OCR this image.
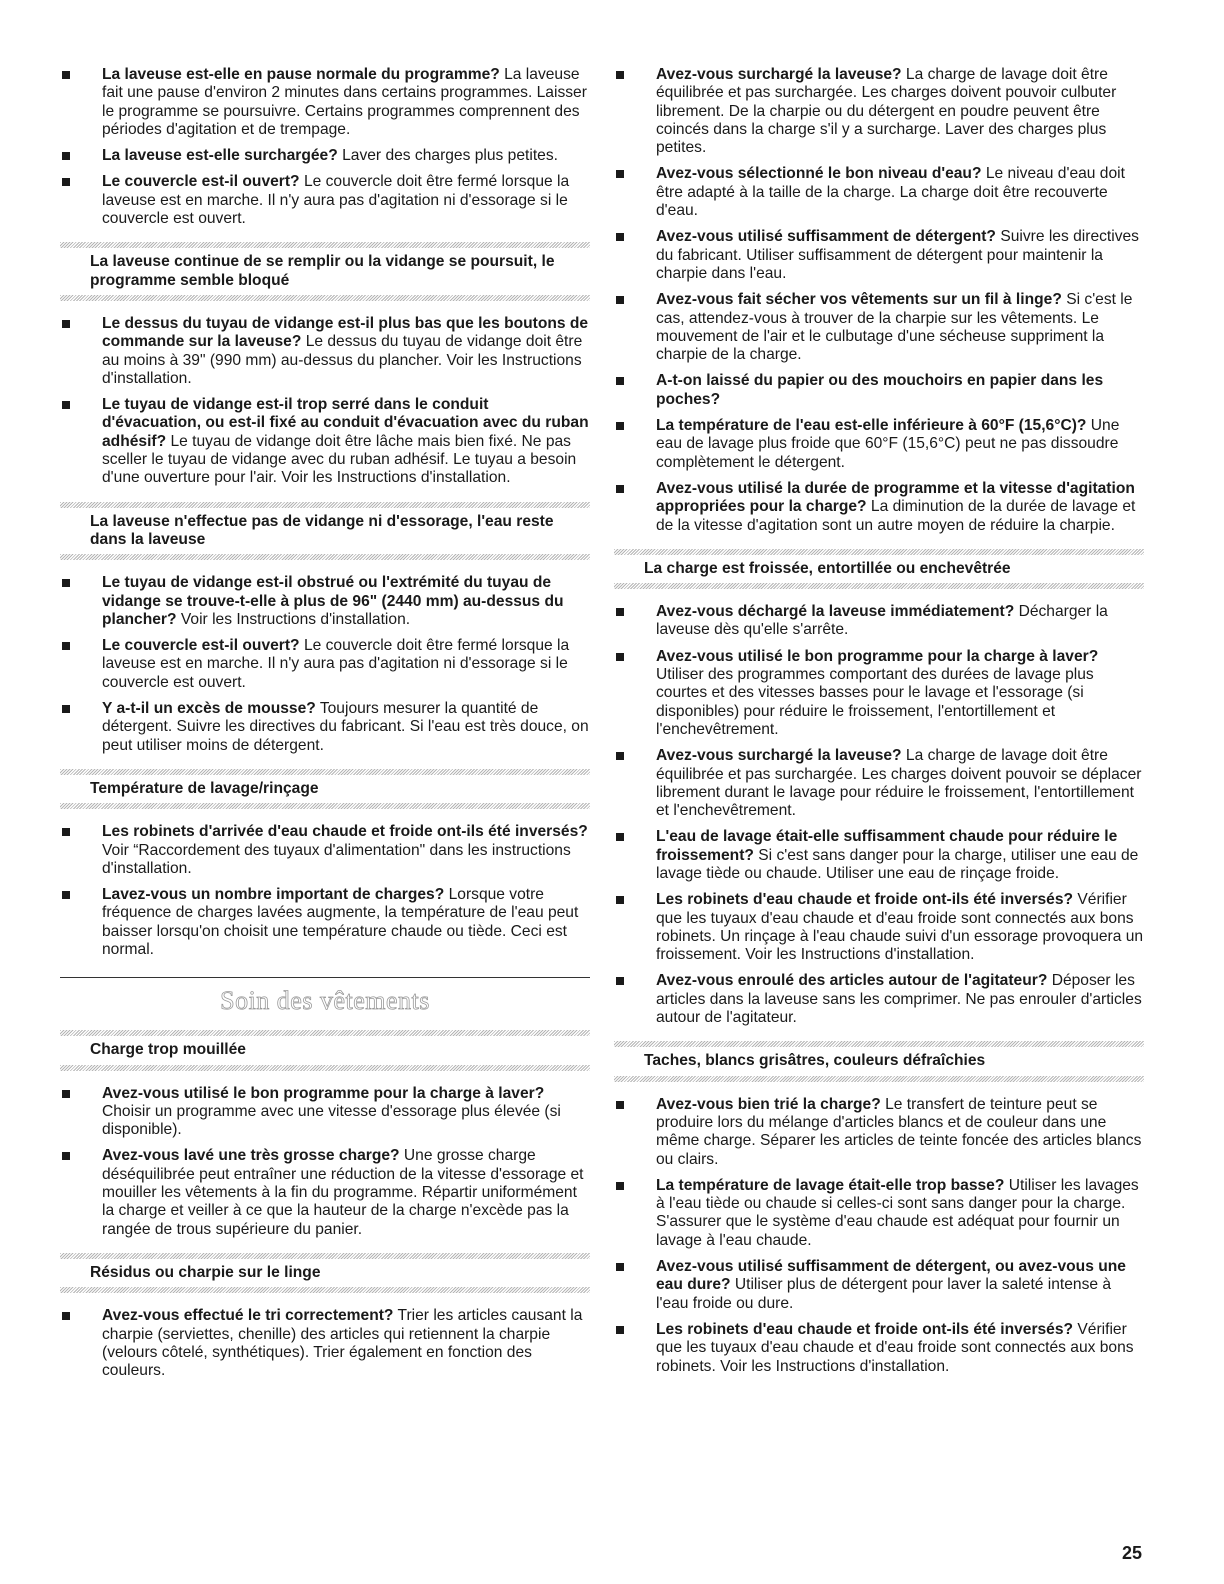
La laveuse est-elle en pause normale du programme? La laveuse fait une pause d'environ 2 minutes dans certains programmes. Laisser le programme se poursuivre. Certains programmes comprennent des périodes d'agitation et de trempage.
La laveuse est-elle surchargée? Laver des charges plus petites.
Le couvercle est-il ouvert? Le couvercle doit être fermé lorsque la laveuse est en marche. Il n'y aura pas d'agitation ni d'essorage si le couvercle est ouvert.
La laveuse continue de se remplir ou la vidange se poursuit, le programme semble bloqué
Le dessus du tuyau de vidange est-il plus bas que les boutons de commande sur la laveuse? Le dessus du tuyau de vidange doit être au moins à 39" (990 mm) au-dessus du plancher. Voir les Instructions d'installation.
Le tuyau de vidange est-il trop serré dans le conduit d'évacuation, ou est-il fixé au conduit d'évacuation avec du ruban adhésif? Le tuyau de vidange doit être lâche mais bien fixé. Ne pas sceller le tuyau de vidange avec du ruban adhésif. Le tuyau a besoin d'une ouverture pour l'air. Voir les Instructions d'installation.
La laveuse n'effectue pas de vidange ni d'essorage, l'eau reste dans la laveuse
Le tuyau de vidange est-il obstrué ou l'extrémité du tuyau de vidange se trouve-t-elle à plus de 96" (2440 mm) au-dessus du plancher? Voir les Instructions d'installation.
Le couvercle est-il ouvert? Le couvercle doit être fermé lorsque la laveuse est en marche. Il n'y aura pas d'agitation ni d'essorage si le couvercle est ouvert.
Y a-t-il un excès de mousse? Toujours mesurer la quantité de détergent. Suivre les directives du fabricant. Si l'eau est très douce, on peut utiliser moins de détergent.
Température de lavage/rinçage
Les robinets d'arrivée d'eau chaude et froide ont-ils été inversés? Voir “Raccordement des tuyaux d'alimentation" dans les instructions d'installation.
Lavez-vous un nombre important de charges? Lorsque votre fréquence de charges lavées augmente, la température de l'eau peut baisser lorsqu'on choisit une température chaude ou tiède. Ceci est normal.
Soin des vêtements
Charge trop mouillée
Avez-vous utilisé le bon programme pour la charge à laver? Choisir un programme avec une vitesse d'essorage plus élevée (si disponible).
Avez-vous lavé une très grosse charge? Une grosse charge déséquilibrée peut entraîner une réduction de la vitesse d'essorage et mouiller les vêtements à la fin du programme. Répartir uniformément la charge et veiller à ce que la hauteur de la charge n'excède pas la rangée de trous supérieure du panier.
Résidus ou charpie sur le linge
Avez-vous effectué le tri correctement? Trier les articles causant la charpie (serviettes, chenille) des articles qui retiennent la charpie (velours côtelé, synthétiques). Trier également en fonction des couleurs.
Avez-vous surchargé la laveuse? La charge de lavage doit être équilibrée et pas surchargée. Les charges doivent pouvoir culbuter librement. De la charpie ou du détergent en poudre peuvent être coincés dans la charge s'il y a surcharge. Laver des charges plus petites.
Avez-vous sélectionné le bon niveau d'eau? Le niveau d'eau doit être adapté à la taille de la charge. La charge doit être recouverte d'eau.
Avez-vous utilisé suffisamment de détergent? Suivre les directives du fabricant. Utiliser suffisamment de détergent pour maintenir la charpie dans l'eau.
Avez-vous fait sécher vos vêtements sur un fil à linge? Si c'est le cas, attendez-vous à trouver de la charpie sur les vêtements. Le mouvement de l'air et le culbutage d'une sécheuse suppriment la charpie de la charge.
A-t-on laissé du papier ou des mouchoirs en papier dans les poches?
La température de l'eau est-elle inférieure à 60°F (15,6°C)? Une eau de lavage plus froide que 60°F (15,6°C) peut ne pas dissoudre complètement le détergent.
Avez-vous utilisé la durée de programme et la vitesse d'agitation appropriées pour la charge? La diminution de la durée de lavage et de la vitesse d'agitation sont un autre moyen de réduire la charpie.
La charge est froissée, entortillée ou enchevêtrée
Avez-vous déchargé la laveuse immédiatement? Décharger la laveuse dès qu'elle s'arrête.
Avez-vous utilisé le bon programme pour la charge à laver? Utiliser des programmes comportant des durées de lavage plus courtes et des vitesses basses pour le lavage et l'essorage (si disponibles) pour réduire le froissement, l'entortillement et l'enchevêtrement.
Avez-vous surchargé la laveuse? La charge de lavage doit être équilibrée et pas surchargée. Les charges doivent pouvoir se déplacer librement durant le lavage pour réduire le froissement, l'entortillement et l'enchevêtrement.
L'eau de lavage était-elle suffisamment chaude pour réduire le froissement? Si c'est sans danger pour la charge, utiliser une eau de lavage tiède ou chaude. Utiliser une eau de rinçage froide.
Les robinets d'eau chaude et froide ont-ils été inversés? Vérifier que les tuyaux d'eau chaude et d'eau froide sont connectés aux bons robinets. Un rinçage à l'eau chaude suivi d'un essorage provoquera un froissement. Voir les Instructions d'installation.
Avez-vous enroulé des articles autour de l'agitateur? Déposer les articles dans la laveuse sans les comprimer. Ne pas enrouler d'articles autour de l'agitateur.
Taches, blancs grisâtres, couleurs défraîchies
Avez-vous bien trié la charge? Le transfert de teinture peut se produire lors du mélange d'articles blancs et de couleur dans une même charge. Séparer les articles de teinte foncée des articles blancs ou clairs.
La température de lavage était-elle trop basse? Utiliser les lavages à l'eau tiède ou chaude si celles-ci sont sans danger pour la charge. S'assurer que le système d'eau chaude est adéquat pour fournir un lavage à l'eau chaude.
Avez-vous utilisé suffisamment de détergent, ou avez-vous une eau dure? Utiliser plus de détergent pour laver la saleté intense à l'eau froide ou dure.
Les robinets d'eau chaude et froide ont-ils été inversés? Vérifier que les tuyaux d'eau chaude et d'eau froide sont connectés aux bons robinets. Voir les Instructions d'installation.
25
